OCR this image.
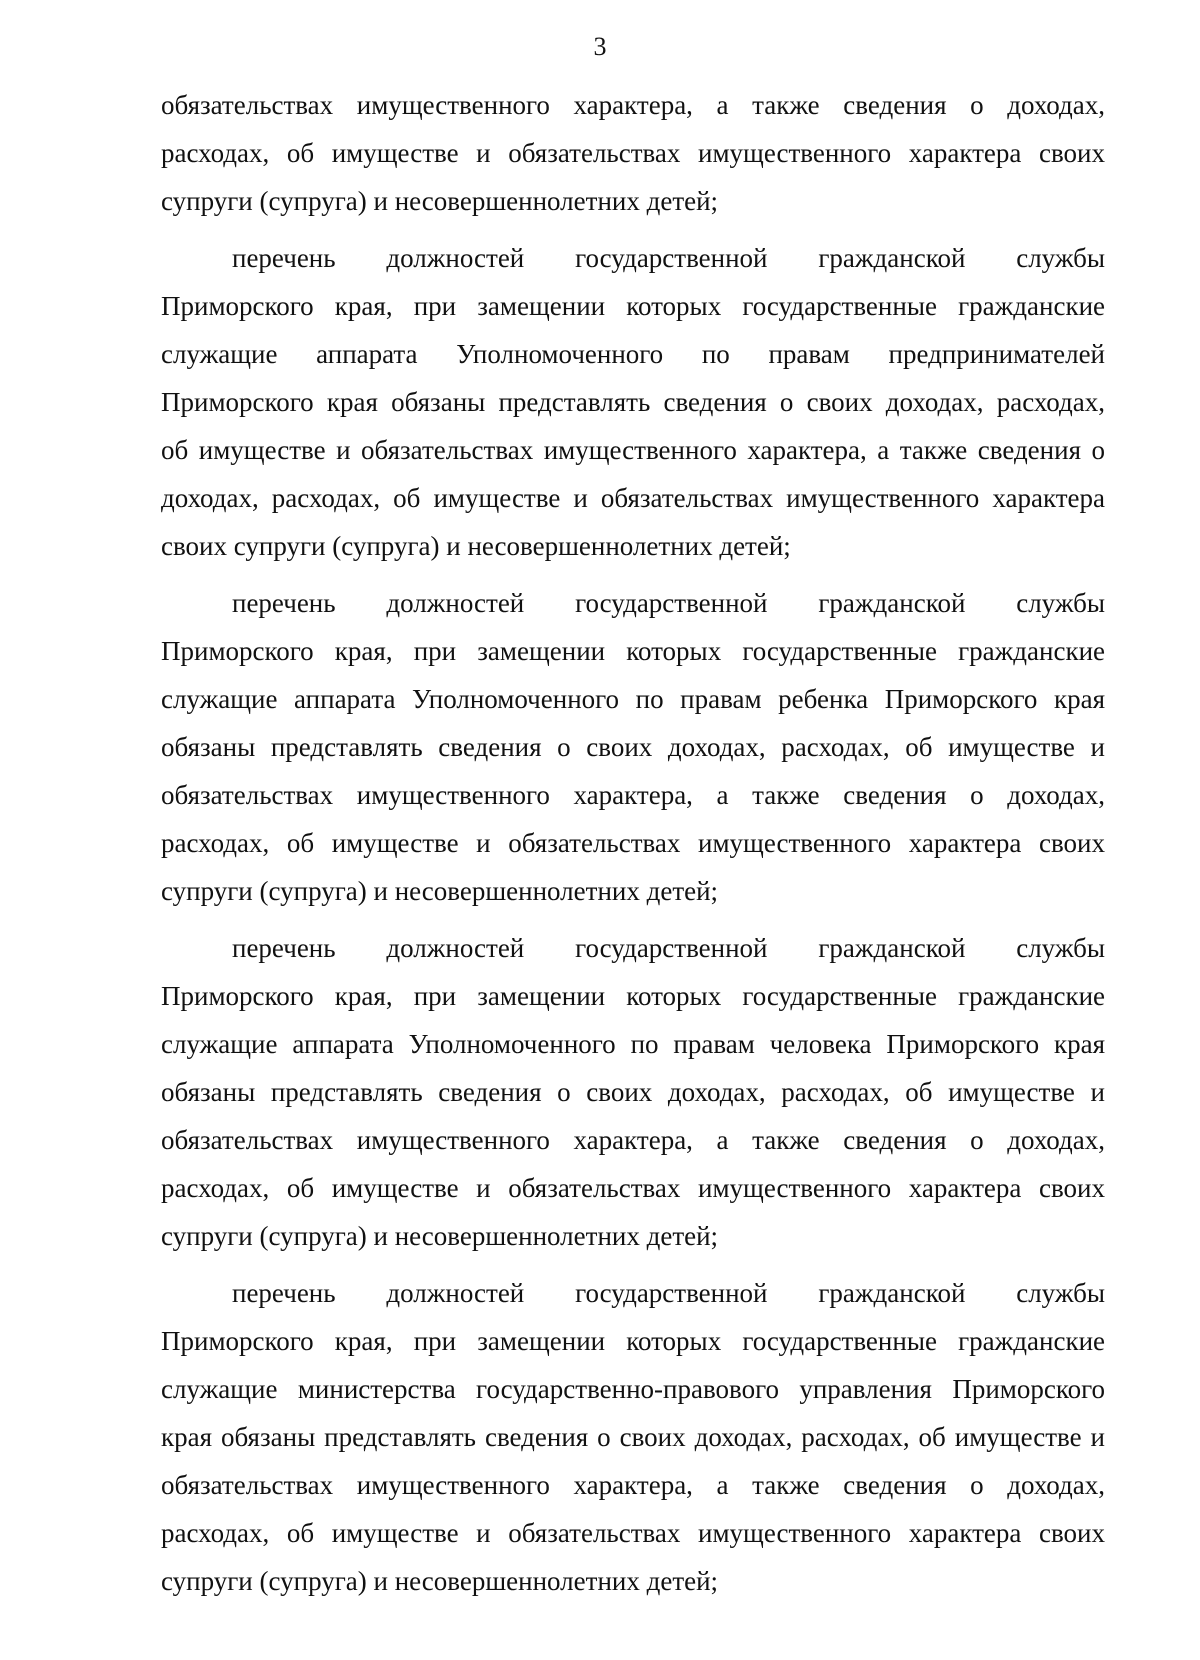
3
обязательствах имущественного характера, а также сведения о доходах,
расходах, об имуществе и обязательствах имущественного характера своих
супруги (супруга) и несовершеннолетних детей;
перечень должностей государственной гражданской службы
Приморского края, при замещении которых государственные гражданские
служащие аппарата Уполномоченного по правам предпринимателей
Приморского края обязаны представлять сведения о своих доходах, расходах,
об имуществе и обязательствах имущественного характера, а также сведения о
доходах, расходах, об имуществе и обязательствах имущественного характера
своих супруги (супруга) и несовершеннолетних детей;
перечень должностей государственной гражданской службы
Приморского края, при замещении которых государственные гражданские
служащие аппарата Уполномоченного по правам ребенка Приморского края
обязаны представлять сведения о своих доходах, расходах, об имуществе и
обязательствах имущественного характера, а также сведения о доходах,
расходах, об имуществе и обязательствах имущественного характера своих
супруги (супруга) и несовершеннолетних детей;
перечень должностей государственной гражданской службы
Приморского края, при замещении которых государственные гражданские
служащие аппарата Уполномоченного по правам человека Приморского края
обязаны представлять сведения о своих доходах, расходах, об имуществе и
обязательствах имущественного характера, а также сведения о доходах,
расходах, об имуществе и обязательствах имущественного характера своих
супруги (супруга) и несовершеннолетних детей;
перечень должностей государственной гражданской службы
Приморского края, при замещении которых государственные гражданские
служащие министерства государственно-правового управления Приморского
края обязаны представлять сведения о своих доходах, расходах, об имуществе и
обязательствах имущественного характера, а также сведения о доходах,
расходах, об имуществе и обязательствах имущественного характера своих
супруги (супруга) и несовершеннолетних детей;
